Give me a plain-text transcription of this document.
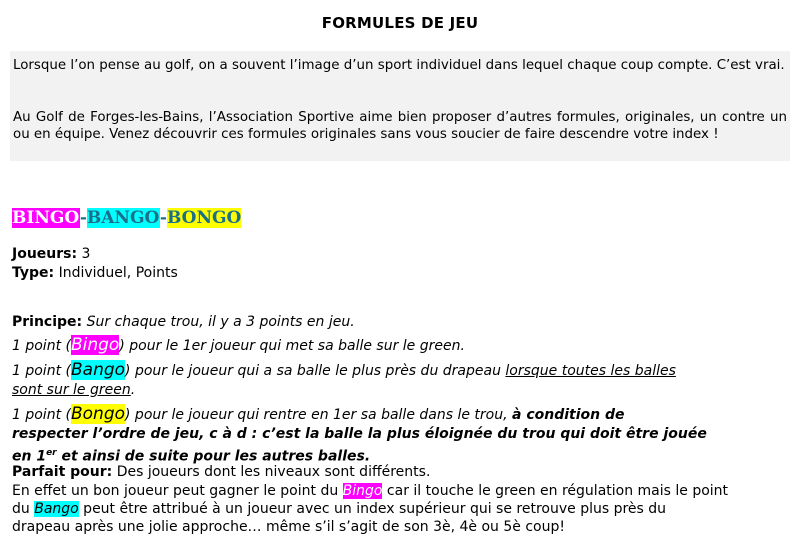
FORMULES DE JEU

Lorsque l’on pense au golf, on a souvent l’image d’un sport individuel dans lequel chaque coup compte. C’est vrai.

Au Golf de Forges-les-Bains, l’Association Sportive aime bien proposer d’autres formules, originales, un contre un ou en équipe. Venez découvrir ces formules originales sans vous soucier de faire descendre votre index !

BINGO-BANGO-BONGO
Joueurs: 3
Type: Individuel, Points
Principe: Sur chaque trou, il y a 3 points en jeu.
1 point (Bingo) pour le 1er joueur qui met sa balle sur le green.
1 point (Bango) pour le joueur qui a sa balle le plus près du drapeau lorsque toutes les balles
sont sur le green.
1 point (Bongo) pour le joueur qui rentre en 1er sa balle dans le trou, à condition de
respecter l’ordre de jeu, c à d : c’est la balle la plus éloignée du trou qui doit être jouée
en 1er et ainsi de suite pour les autres balles.
Parfait pour: Des joueurs dont les niveaux sont différents.
En effet un bon joueur peut gagner le point du Bingo car il touche le green en régulation mais le point
du Bango peut être attribué à un joueur avec un index supérieur qui se retrouve plus près du
drapeau après une jolie approche… même s’il s’agit de son 3è, 4è ou 5è coup!
